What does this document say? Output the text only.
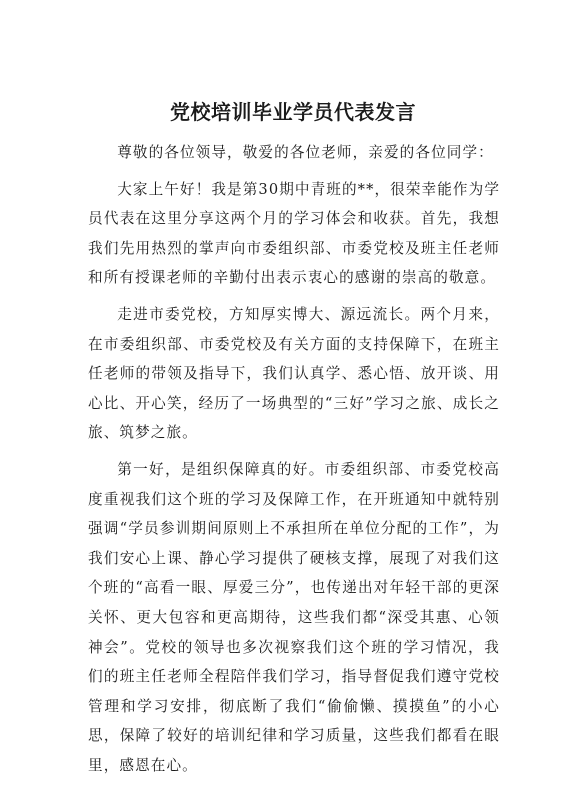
党校培训毕业学员代表发言

尊敬的各位领导，敬爱的各位老师，亲爱的各位同学：

大家上午好！我是第30期中青班的**，很荣幸能作为学员代表在这里分享这两个月的学习体会和收获。首先，我想我们先用热烈的掌声向市委组织部、市委党校及班主任老师和所有授课老师的辛勤付出表示衷心的感谢的崇高的敬意。

走进市委党校，方知厚实博大、源远流长。两个月来，在市委组织部、市委党校及有关方面的支持保障下，在班主任老师的带领及指导下，我们认真学、悉心悟、放开谈、用心比、开心笑，经历了一场典型的“三好”学习之旅、成长之旅、筑梦之旅。

第一好，是组织保障真的好。市委组织部、市委党校高度重视我们这个班的学习及保障工作，在开班通知中就特别强调“学员参训期间原则上不承担所在单位分配的工作”，为我们安心上课、静心学习提供了硬核支撑，展现了对我们这个班的“高看一眼、厚爱三分”，也传递出对年轻干部的更深关怀、更大包容和更高期待，这些我们都“深受其惠、心领神会”。党校的领导也多次视察我们这个班的学习情况，我们的班主任老师全程陪伴我们学习，指导督促我们遵守党校管理和学习安排，彻底断了我们“偷偷懒、摸摸鱼”的小心思，保障了较好的培训纪律和学习质量，这些我们都看在眼里，感恩在心。
